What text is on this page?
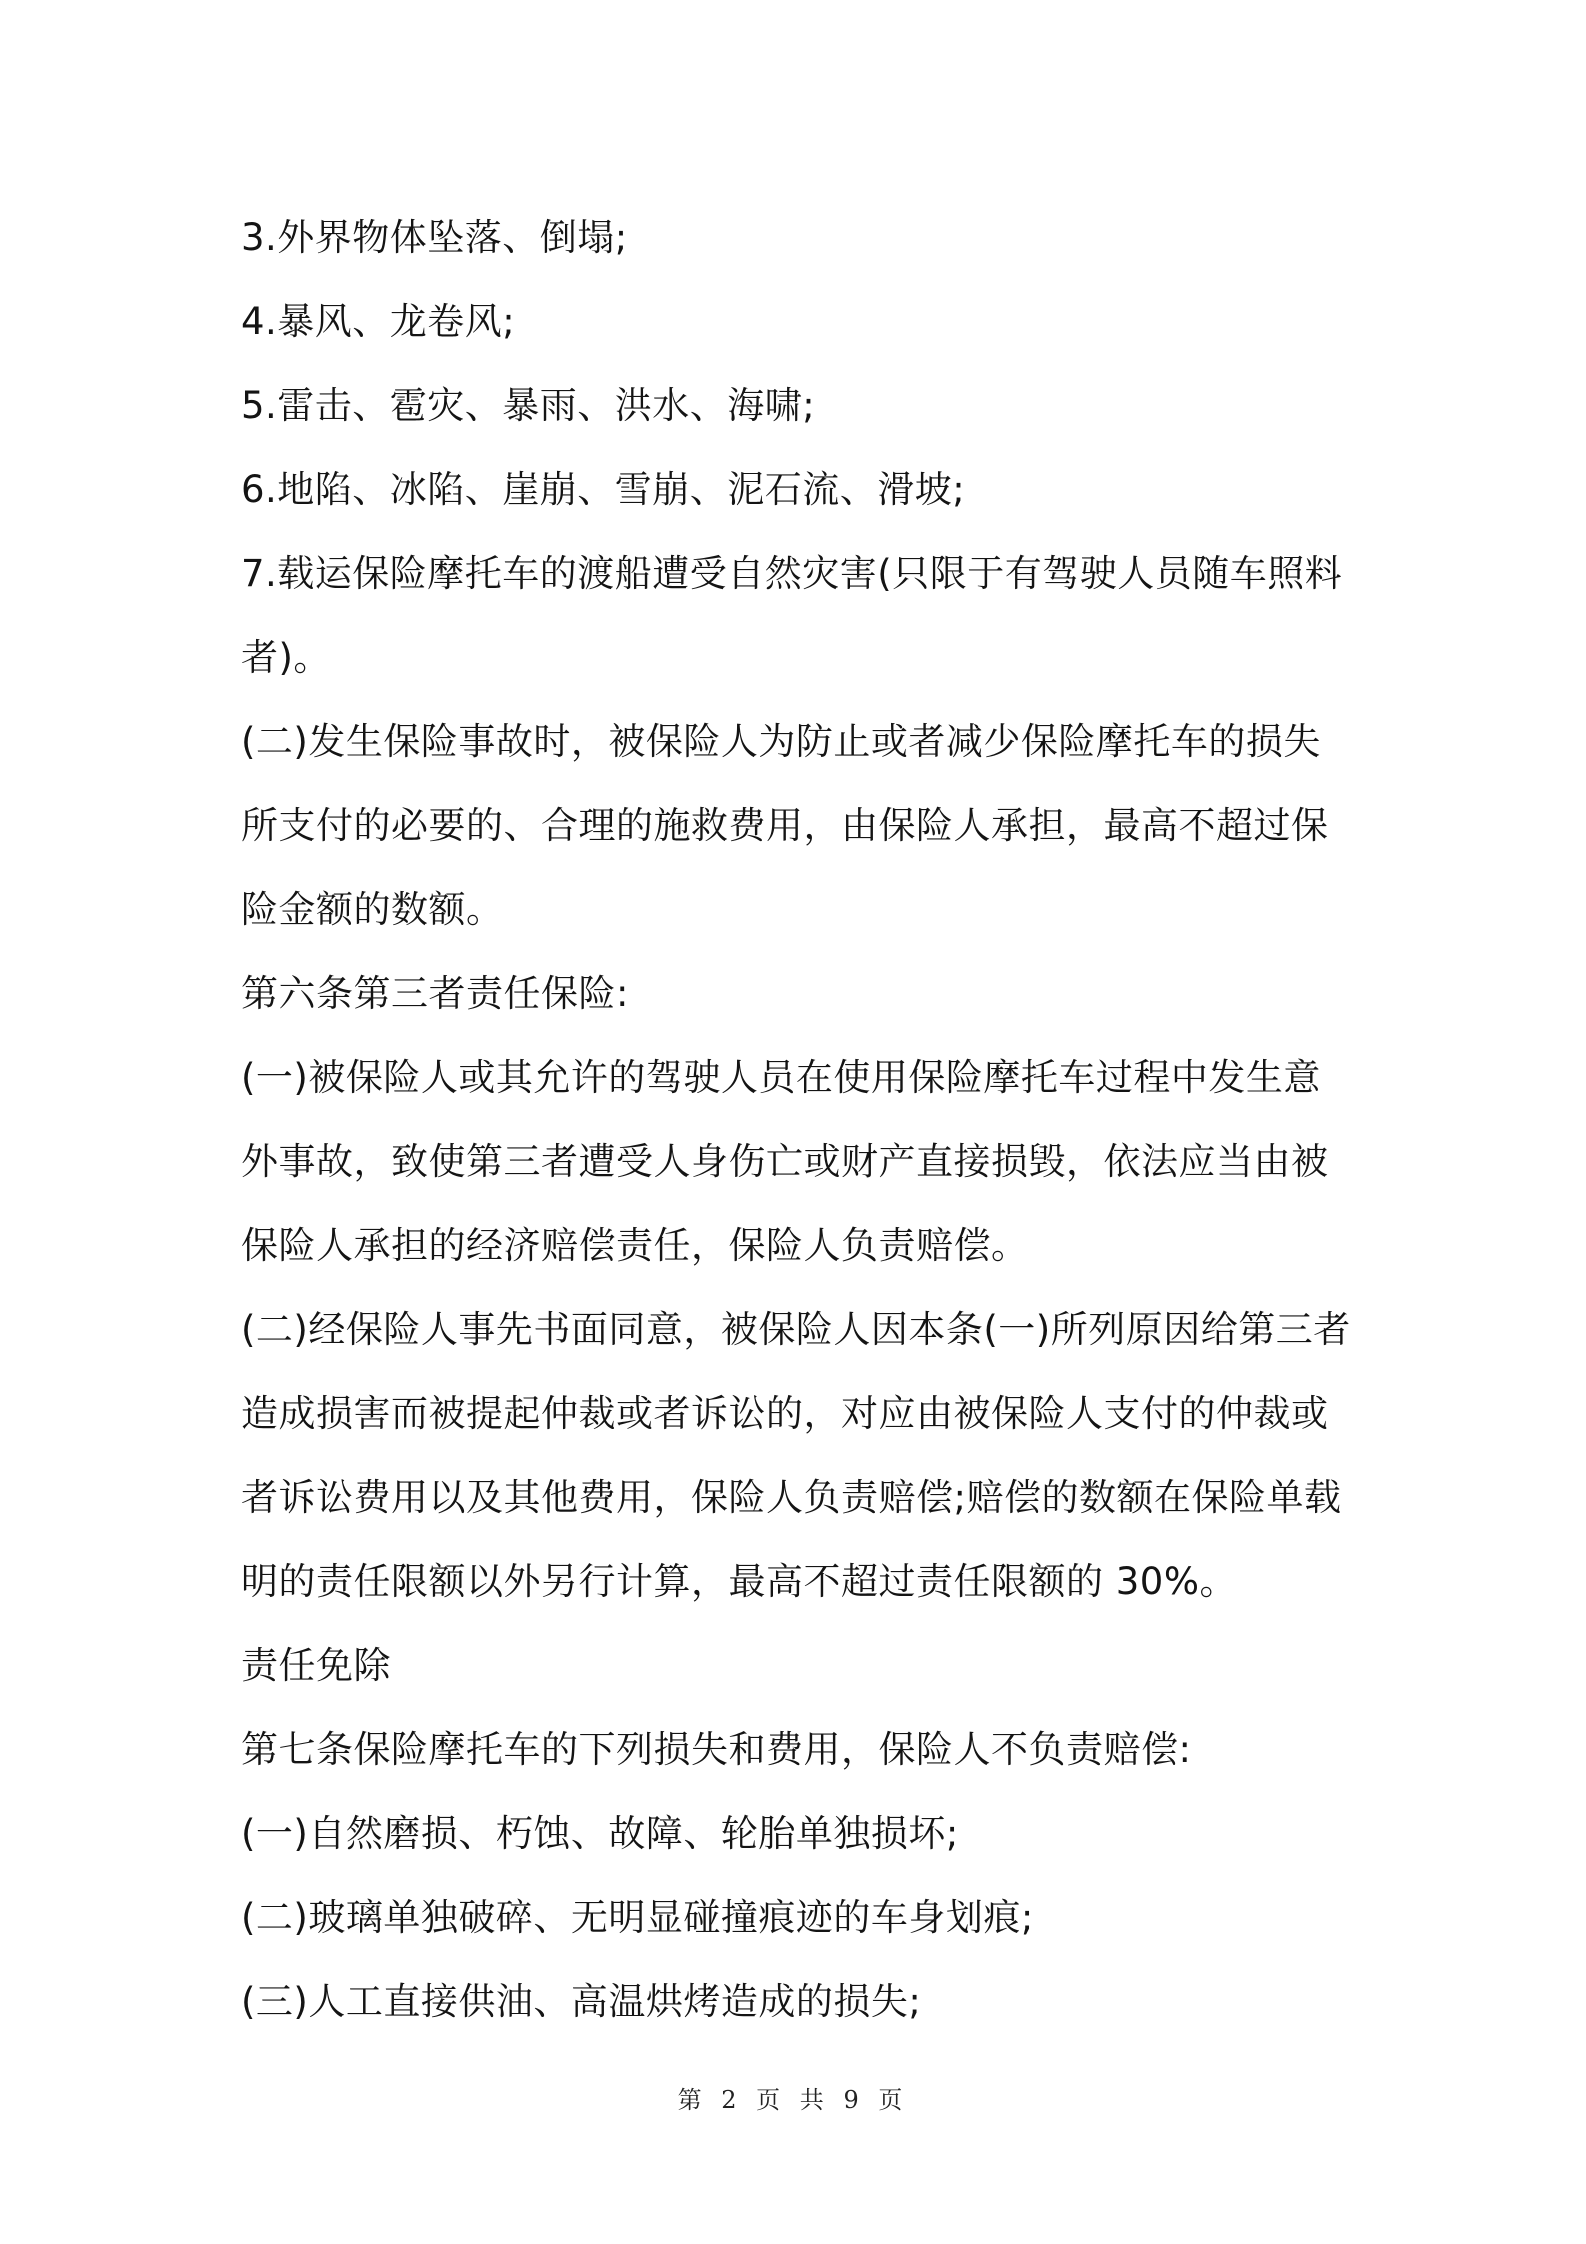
3.外界物体坠落、倒塌;

4.暴风、龙卷风;

5.雷击、雹灾、暴雨、洪水、海啸;

6.地陷、冰陷、崖崩、雪崩、泥石流、滑坡;

7.载运保险摩托车的渡船遭受自然灾害(只限于有驾驶人员随车照料者)。

(二)发生保险事故时，被保险人为防止或者减少保险摩托车的损失所支付的必要的、合理的施救费用，由保险人承担，最高不超过保险金额的数额。

第六条第三者责任保险:

(一)被保险人或其允许的驾驶人员在使用保险摩托车过程中发生意外事故，致使第三者遭受人身伤亡或财产直接损毁，依法应当由被保险人承担的经济赔偿责任，保险人负责赔偿。

(二)经保险人事先书面同意，被保险人因本条(一)所列原因给第三者造成损害而被提起仲裁或者诉讼的，对应由被保险人支付的仲裁或者诉讼费用以及其他费用，保险人负责赔偿;赔偿的数额在保险单载明的责任限额以外另行计算，最高不超过责任限额的 30%。

责任免除

第七条保险摩托车的下列损失和费用，保险人不负责赔偿:

(一)自然磨损、朽蚀、故障、轮胎单独损坏;

(二)玻璃单独破碎、无明显碰撞痕迹的车身划痕;

(三)人工直接供油、高温烘烤造成的损失;

第 2 页 共 9 页
